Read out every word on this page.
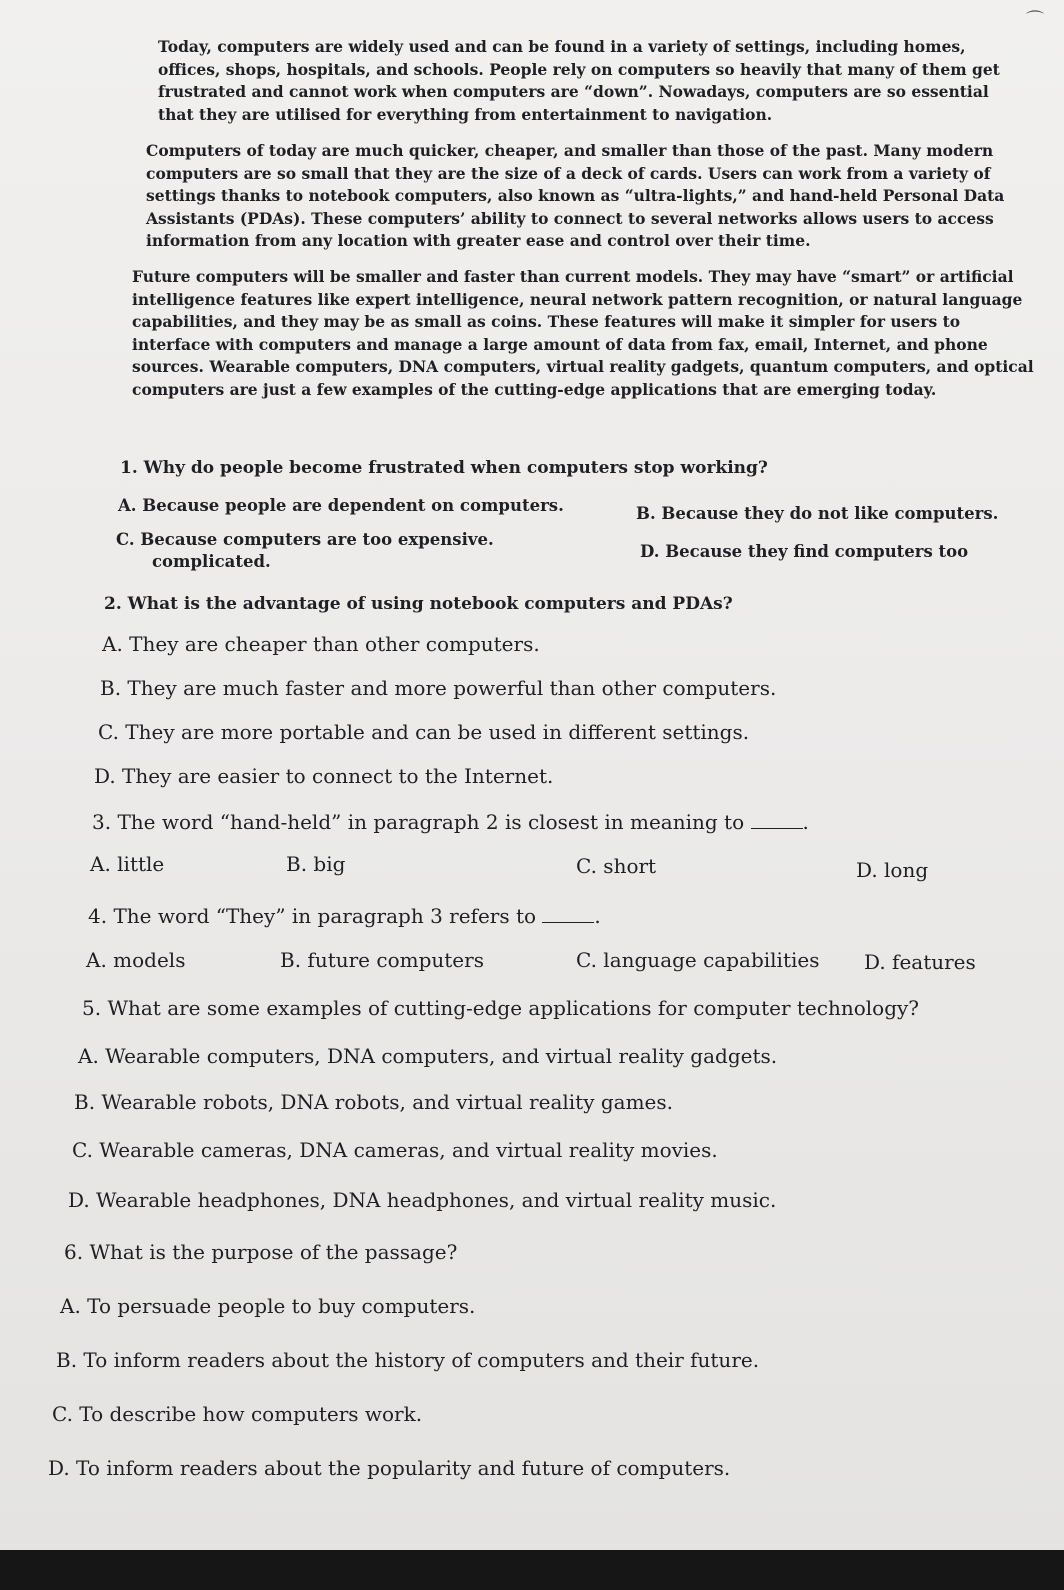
⌒

Today, computers are widely used and can be found in a variety of settings, including homes, offices, shops, hospitals, and schools. People rely on computers so heavily that many of them get frustrated and cannot work when computers are “down”. Nowadays, computers are so essential that they are utilised for everything from entertainment to navigation.

Computers of today are much quicker, cheaper, and smaller than those of the past. Many modern computers are so small that they are the size of a deck of cards. Users can work from a variety of settings thanks to notebook computers, also known as “ultra-lights,” and hand-held Personal Data Assistants (PDAs). These computers’ ability to connect to several networks allows users to access information from any location with greater ease and control over their time.

Future computers will be smaller and faster than current models. They may have “smart” or artificial intelligence features like expert intelligence, neural network pattern recognition, or natural language capabilities, and they may be as small as coins. These features will make it simpler for users to interface with computers and manage a large amount of data from fax, email, Internet, and phone sources. Wearable computers, DNA computers, virtual reality gadgets, quantum computers, and optical computers are just a few examples of the cutting-edge applications that are emerging today.

1. Why do people become frustrated when computers stop working?
A. Because people are dependent on computers.	B. Because they do not like computers.
C. Because computers are too expensive.
D. Because they find computers too
complicated.
2. What is the advantage of using notebook computers and PDAs?
A. They are cheaper than other computers.
B. They are much faster and more powerful than other computers.
C. They are more portable and can be used in different settings.
D. They are easier to connect to the Internet.
3. The word “hand-held” in paragraph 2 is closest in meaning to	.
A. little	B. big	C. short	D. long
4. The word “They” in paragraph 3 refers to	.
A. models	B. future computers	C. language capabilities D. features
5. What are some examples of cutting-edge applications for computer technology?
A. Wearable computers, DNA computers, and virtual reality gadgets.
B. Wearable robots, DNA robots, and virtual reality games.
C. Wearable cameras, DNA cameras, and virtual reality movies.
D. Wearable headphones, DNA headphones, and virtual reality music.
6. What is the purpose of the passage?
A. To persuade people to buy computers.
B. To inform readers about the history of computers and their future.
C. To describe how computers work.
D. To inform readers about the popularity and future of computers.
